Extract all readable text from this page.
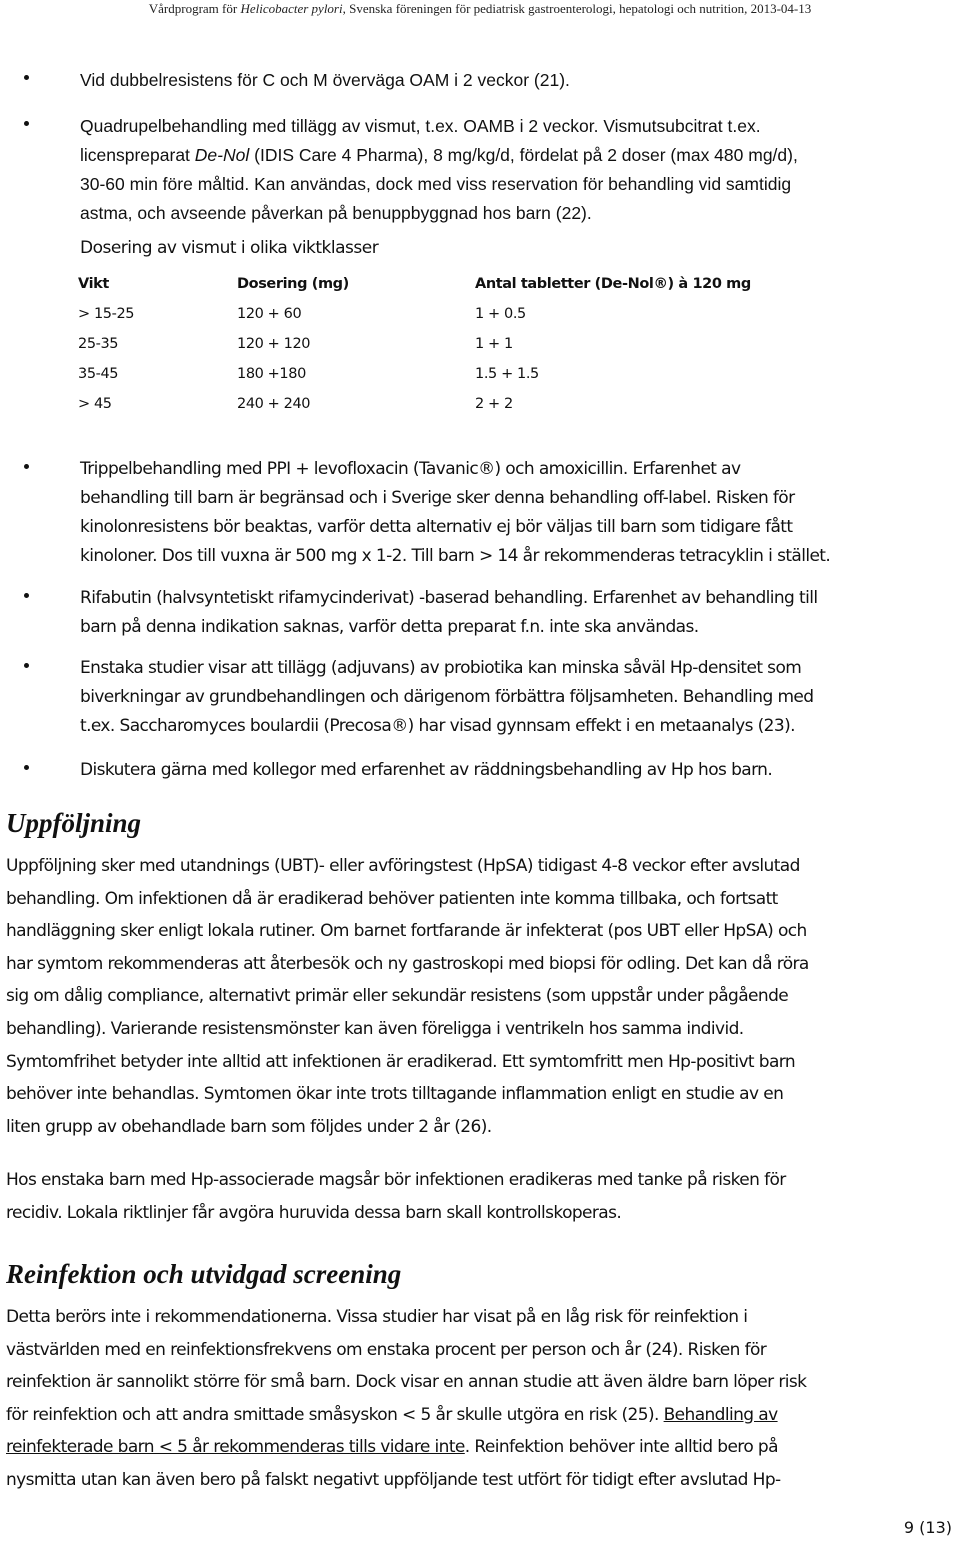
Vårdprogram för Helicobacter pylori, Svenska föreningen för pediatrisk gastroenterologi, hepatologi och nutrition, 2013-04-13
Vid dubbelresistens för C och M överväga OAM i 2 veckor (21).
Quadrupelbehandling med tillägg av vismut, t.ex. OAMB i 2 veckor. Vismutsubcitrat t.ex.
licenspreparat De-Nol (IDIS Care 4 Pharma), 8 mg/kg/d, fördelat på 2 doser (max 480 mg/d),
30-60 min före måltid. Kan användas, dock med viss reservation för behandling vid samtidig
astma, och avseende påverkan på benuppbyggnad hos barn (22).
Dosering av vismut i olika viktklasser
Vikt	Dosering (mg)	Antal tabletter (De-Nol®) à 120 mg
> 15-25	120 + 60	1 + 0.5
25-35	120 + 120	1 + 1
35-45	180 +180	1.5 + 1.5
> 45	240 + 240	2 + 2
Trippelbehandling med PPI + levofloxacin (Tavanic®) och amoxicillin. Erfarenhet av
behandling till barn är begränsad och i Sverige sker denna behandling off-label. Risken för
kinolonresistens bör beaktas, varför detta alternativ ej bör väljas till barn som tidigare fått
kinoloner. Dos till vuxna är 500 mg x 1-2. Till barn > 14 år rekommenderas tetracyklin i stället.
Rifabutin (halvsyntetiskt rifamycinderivat) -baserad behandling. Erfarenhet av behandling till
barn på denna indikation saknas, varför detta preparat f.n. inte ska användas.
Enstaka studier visar att tillägg (adjuvans) av probiotika kan minska såväl Hp-densitet som
biverkningar av grundbehandlingen och därigenom förbättra följsamheten. Behandling med
t.ex. Saccharomyces boulardii (Precosa®) har visad gynnsam effekt i en metaanalys (23).
Diskutera gärna med kollegor med erfarenhet av räddningsbehandling av Hp hos barn.
Uppföljning
Uppföljning sker med utandnings (UBT)- eller avföringstest (HpSA) tidigast 4-8 veckor efter avslutad
behandling. Om infektionen då är eradikerad behöver patienten inte komma tillbaka, och fortsatt
handläggning sker enligt lokala rutiner. Om barnet fortfarande är infekterat (pos UBT eller HpSA) och
har symtom rekommenderas att återbesök och ny gastroskopi med biopsi för odling. Det kan då röra
sig om dålig compliance, alternativt primär eller sekundär resistens (som uppstår under pågående
behandling). Varierande resistensmönster kan även föreligga i ventrikeln hos samma individ.
Symtomfrihet betyder inte alltid att infektionen är eradikerad. Ett symtomfritt men Hp-positivt barn
behöver inte behandlas. Symtomen ökar inte trots tilltagande inflammation enligt en studie av en
liten grupp av obehandlade barn som följdes under 2 år (26).
Hos enstaka barn med Hp-associerade magsår bör infektionen eradikeras med tanke på risken för
recidiv. Lokala riktlinjer får avgöra huruvida dessa barn skall kontrollskoperas.
Reinfektion och utvidgad screening
Detta berörs inte i rekommendationerna. Vissa studier har visat på en låg risk för reinfektion i
västvärlden med en reinfektionsfrekvens om enstaka procent per person och år (24). Risken för
reinfektion är sannolikt större för små barn. Dock visar en annan studie att även äldre barn löper risk
för reinfektion och att andra smittade småsyskon < 5 år skulle utgöra en risk (25). Behandling av
reinfekterade barn < 5 år rekommenderas tills vidare inte. Reinfektion behöver inte alltid bero på
nysmitta utan kan även bero på falskt negativt uppföljande test utfört för tidigt efter avslutad Hp-
9 (13)
